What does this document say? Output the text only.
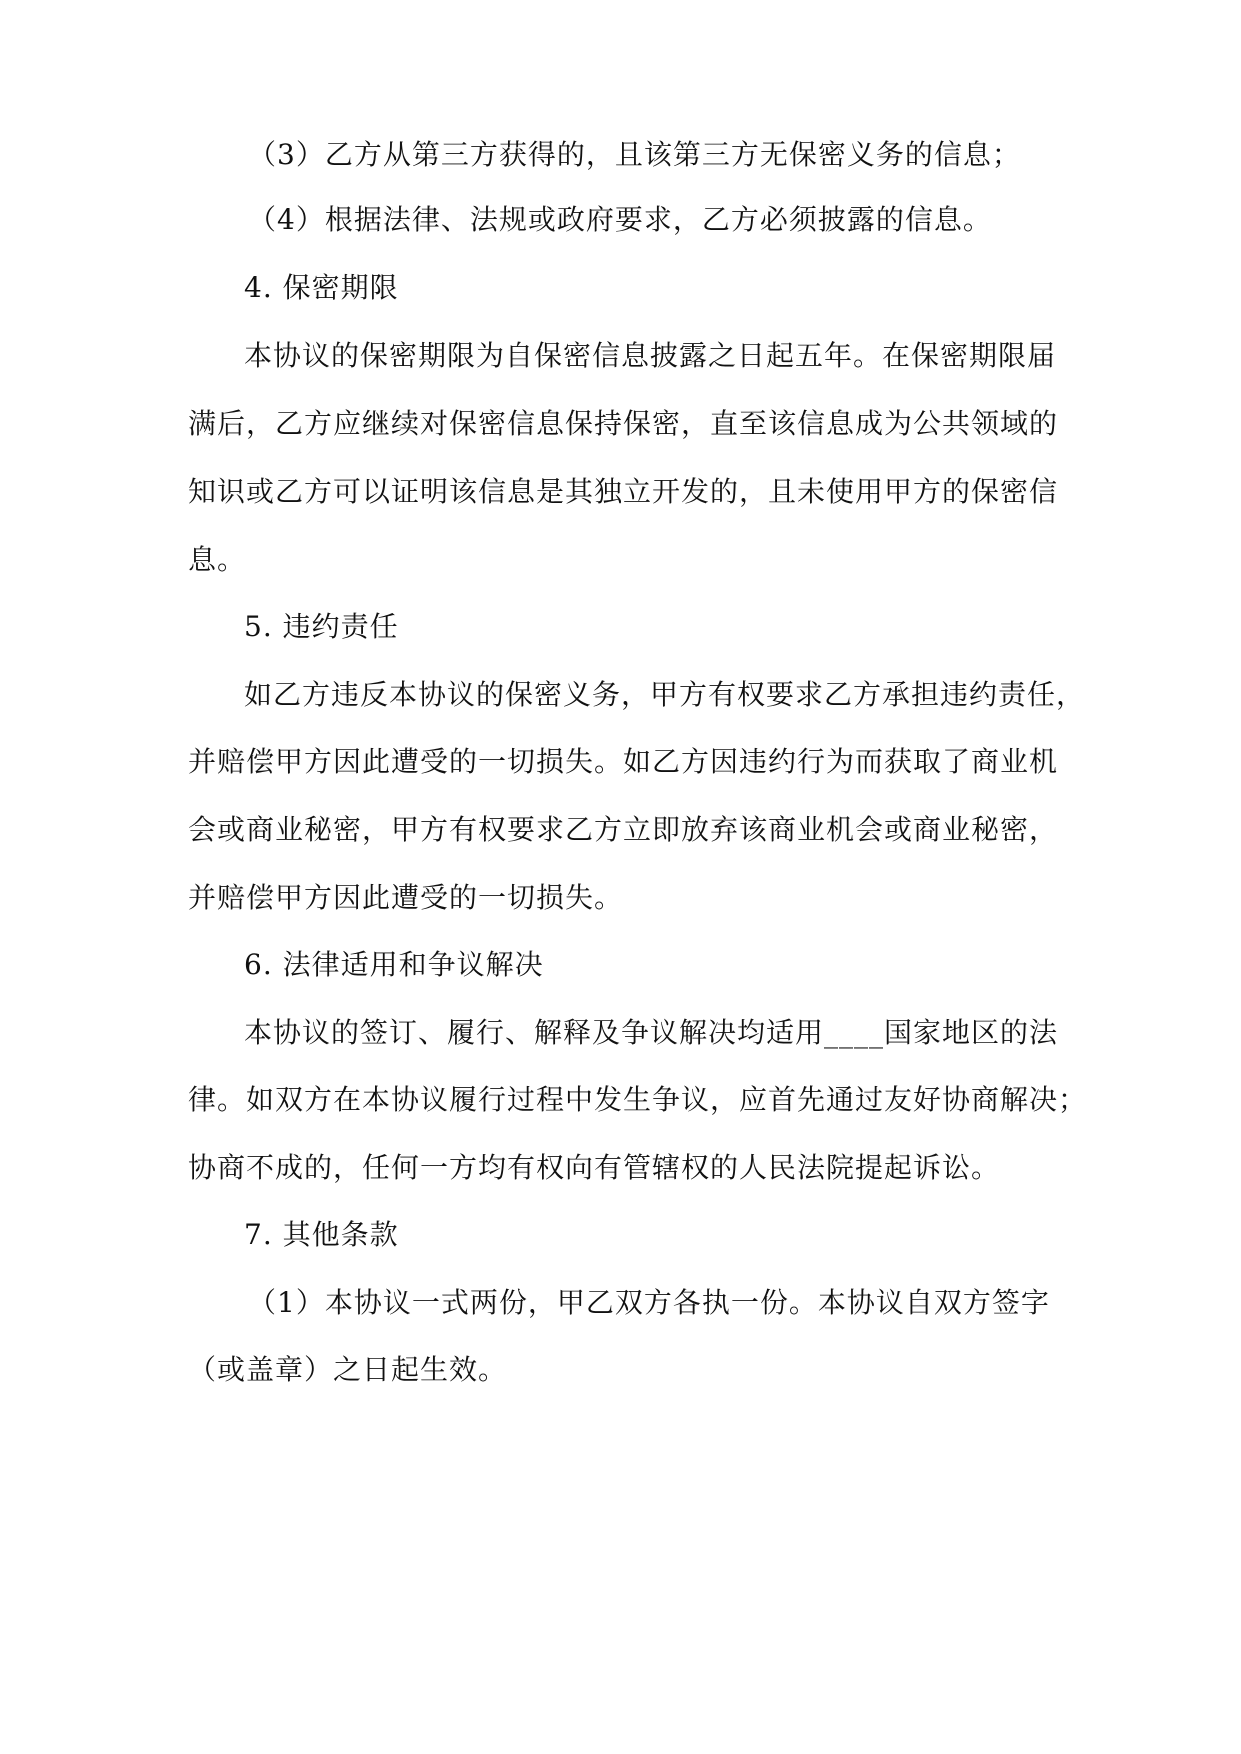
（3）乙方从第三方获得的，且该第三方无保密义务的信息；
（4）根据法律、法规或政府要求，乙方必须披露的信息。
4. 保密期限
本协议的保密期限为自保密信息披露之日起五年。在保密期限届
满后，乙方应继续对保密信息保持保密，直至该信息成为公共领域的
知识或乙方可以证明该信息是其独立开发的，且未使用甲方的保密信
息。
5. 违约责任
如乙方违反本协议的保密义务，甲方有权要求乙方承担违约责任，
并赔偿甲方因此遭受的一切损失。如乙方因违约行为而获取了商业机
会或商业秘密，甲方有权要求乙方立即放弃该商业机会或商业秘密，
并赔偿甲方因此遭受的一切损失。
6. 法律适用和争议解决
本协议的签订、履行、解释及争议解决均适用____国家地区的法
律。如双方在本协议履行过程中发生争议，应首先通过友好协商解决；
协商不成的，任何一方均有权向有管辖权的人民法院提起诉讼。
7. 其他条款
（1）本协议一式两份，甲乙双方各执一份。本协议自双方签字
（或盖章）之日起生效。
